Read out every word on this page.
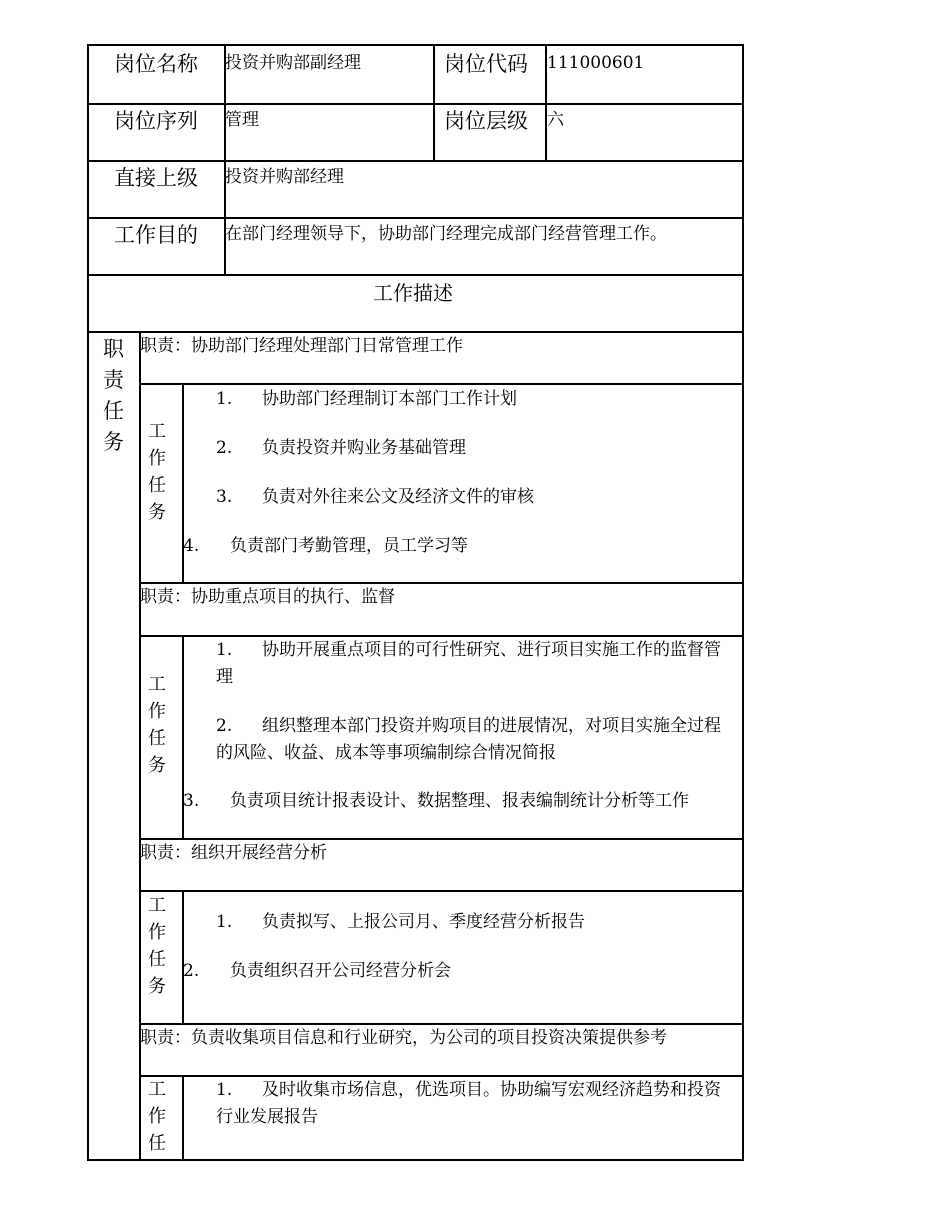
岗位名称 投资并购部副经理	岗位代码 111000601
岗位序列 管理	岗位层级 六
直接上级 投资并购部经理
工作目的 在部门经理领导下，协助部门经理完成部门经营管理工作。
工作描述
职
责
任
务
职责：协助部门经理处理部门日常管理工作
工
作
任
务
1. 协助部门经理制订本部门工作计划
2. 负责投资并购业务基础管理
3. 负责对外往来公文及经济文件的审核
4. 负责部门考勤管理，员工学习等
职责：协助重点项目的执行、监督
工
作
任
务
1. 协助开展重点项目的可行性研究、进行项目实施工作的监督管理
2. 组织整理本部门投资并购项目的进展情况，对项目实施全过程的风险、收益、成本等事项编制综合情况简报
3. 负责项目统计报表设计、数据整理、报表编制统计分析等工作
职责：组织开展经营分析
工
作
任
务
1. 负责拟写、上报公司月、季度经营分析报告
2. 负责组织召开公司经营分析会
职责：负责收集项目信息和行业研究，为公司的项目投资决策提供参考
工
作
任
1. 及时收集市场信息，优选项目。协助编写宏观经济趋势和投资行业发展报告
